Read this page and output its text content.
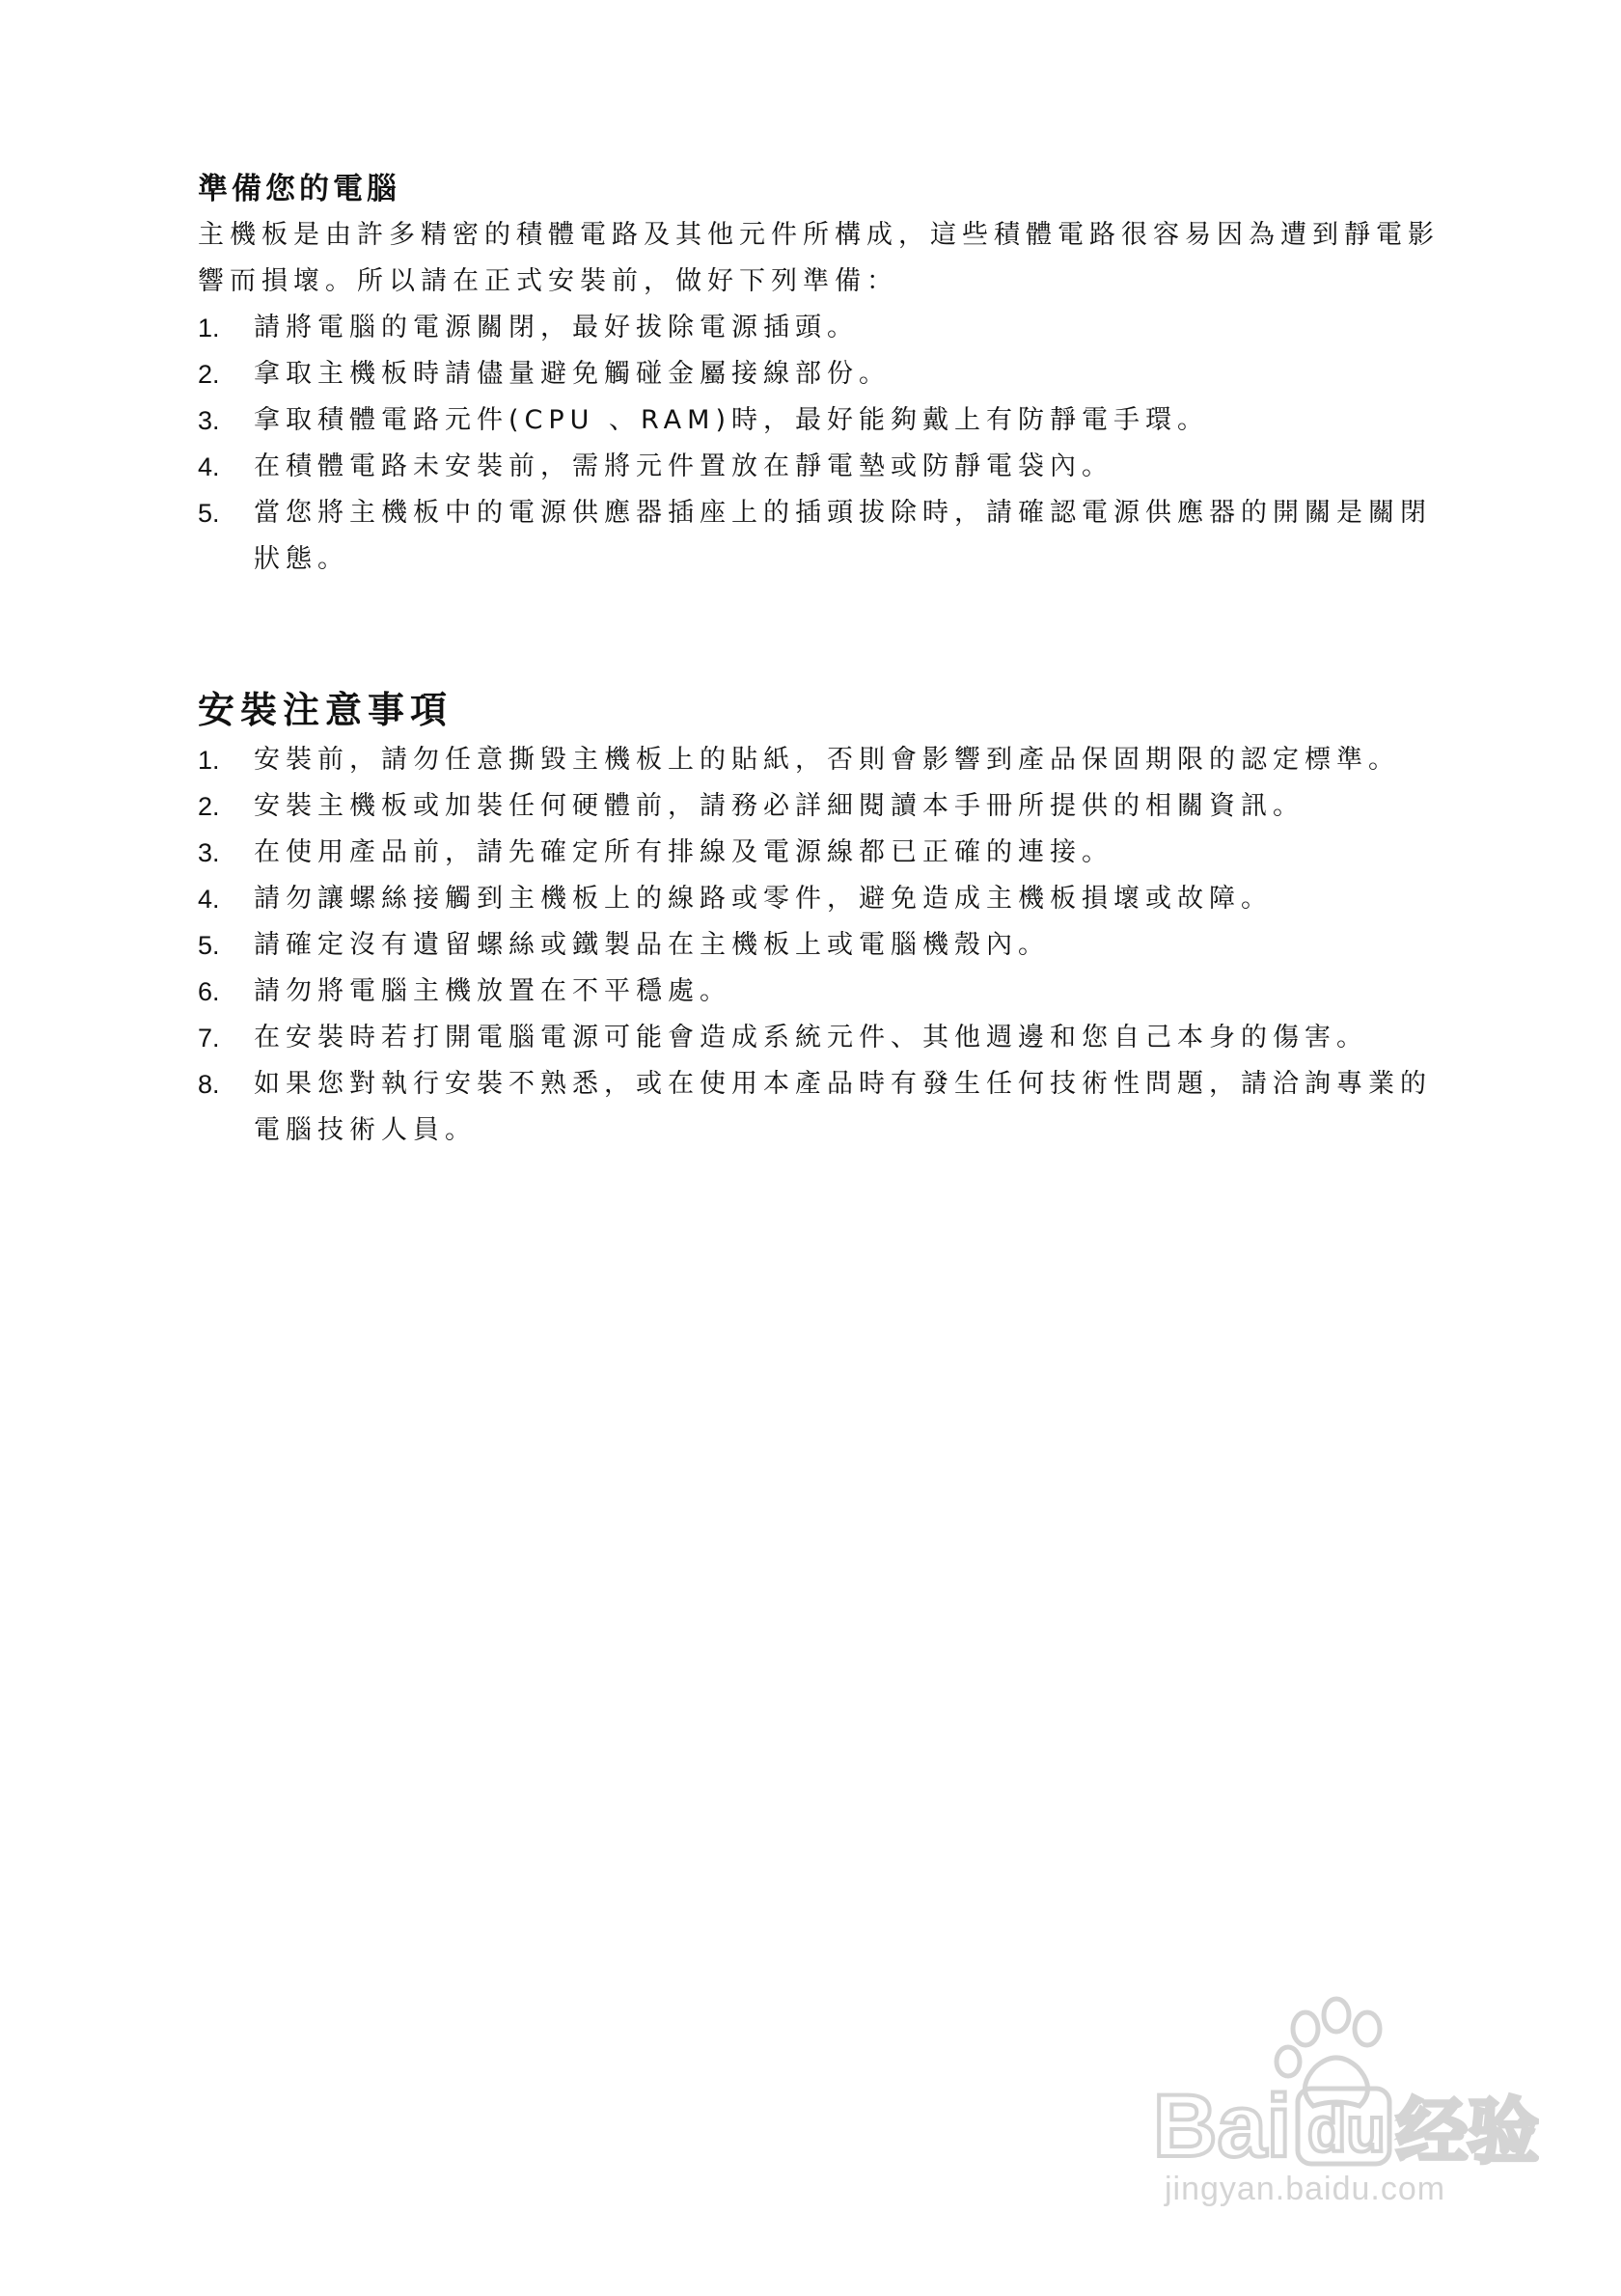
準備您的電腦

主機板是由許多精密的積體電路及其他元件所構成，這些積體電路很容易因為遭到靜電影響而損壞。所以請在正式安裝前，做好下列準備：

1.	請將電腦的電源關閉，最好拔除電源插頭。
2.	拿取主機板時請儘量避免觸碰金屬接線部份。
3.	拿取積體電路元件(CPU 、RAM)時，最好能夠戴上有防靜電手環。
4.	在積體電路未安裝前，需將元件置放在靜電墊或防靜電袋內。
5.	當您將主機板中的電源供應器插座上的插頭拔除時，請確認電源供應器的開關是關閉狀態。
安裝注意事項
1.	安裝前，請勿任意撕毀主機板上的貼紙，否則會影響到產品保固期限的認定標準。
2.	安裝主機板或加裝任何硬體前，請務必詳細閱讀本手冊所提供的相關資訊。
3.	在使用產品前，請先確定所有排線及電源線都已正確的連接。
4.	請勿讓螺絲接觸到主機板上的線路或零件，避免造成主機板損壞或故障。
5.	請確定沒有遺留螺絲或鐵製品在主機板上或電腦機殼內。
6.	請勿將電腦主機放置在不平穩處。
7.	在安裝時若打開電腦電源可能會造成系統元件、其他週邊和您自己本身的傷害。
8.	如果您對執行安裝不熟悉，或在使用本產品時有發生任何技術性問題，請洽詢專業的電腦技術人員。
Bai du 经验
jingyan.baidu.com
